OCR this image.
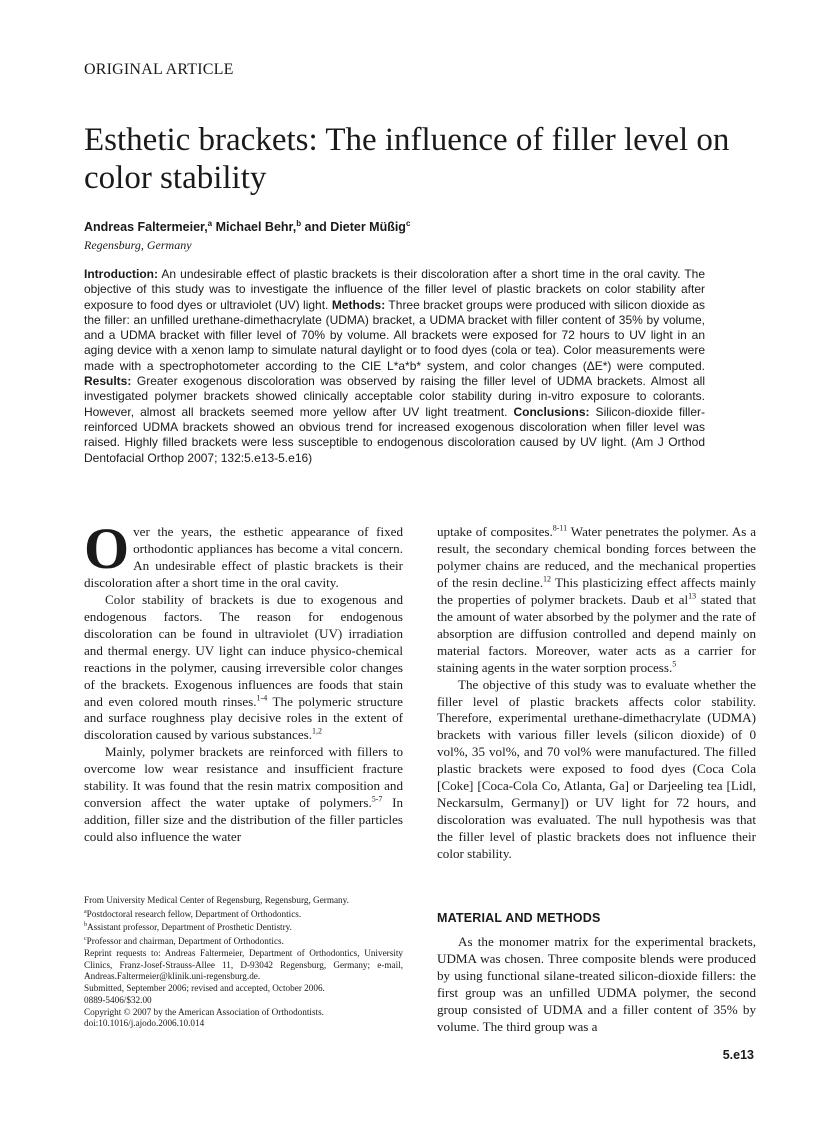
ORIGINAL ARTICLE
Esthetic brackets: The influence of filler level on color stability
Andreas Faltermeier,$^a$ Michael Behr,$^b$ and Dieter Müßig$^c$
Regensburg, Germany
Introduction: An undesirable effect of plastic brackets is their discoloration after a short time in the oral cavity. The objective of this study was to investigate the influence of the filler level of plastic brackets on color stability after exposure to food dyes or ultraviolet (UV) light. Methods: Three bracket groups were produced with silicon dioxide as the filler: an unfilled urethane-dimethacrylate (UDMA) bracket, a UDMA bracket with filler content of 35% by volume, and a UDMA bracket with filler level of 70% by volume. All brackets were exposed for 72 hours to UV light in an aging device with a xenon lamp to simulate natural daylight or to food dyes (cola or tea). Color measurements were made with a spectrophotometer according to the CIE L*a*b* system, and color changes (ΔE*) were computed. Results: Greater exogenous discoloration was observed by raising the filler level of UDMA brackets. Almost all investigated polymer brackets showed clinically acceptable color stability during in-vitro exposure to colorants. However, almost all brackets seemed more yellow after UV light treatment. Conclusions: Silicon-dioxide filler-reinforced UDMA brackets showed an obvious trend for increased exogenous discoloration when filler level was raised. Highly filled brackets were less susceptible to endogenous discoloration caused by UV light. (Am J Orthod Dentofacial Orthop 2007; 132:5.e13-5.e16)

Over the years, the esthetic appearance of fixed orthodontic appliances has become a vital concern. An undesirable effect of plastic brackets is their discoloration after a short time in the oral cavity.

Color stability of brackets is due to exogenous and endogenous factors. The reason for endogenous discoloration can be found in ultraviolet (UV) irradiation and thermal energy. UV light can induce physico-chemical reactions in the polymer, causing irreversible color changes of the brackets. Exogenous influences are foods that stain and even colored mouth rinses.$^{1-4}$ The polymeric structure and surface roughness play decisive roles in the extent of discoloration caused by various substances.$^{1,2}$

Mainly, polymer brackets are reinforced with fillers to overcome low wear resistance and insufficient fracture stability. It was found that the resin matrix composition and conversion affect the water uptake of polymers.$^{5-7}$ In addition, filler size and the distribution of the filler particles could also influence the water

uptake of composites.$^{8-11}$ Water penetrates the polymer. As a result, the secondary chemical bonding forces between the polymer chains are reduced, and the mechanical properties of the resin decline.$^{12}$ This plasticizing effect affects mainly the properties of polymer brackets. Daub et $al^{13}$ stated that the amount of water absorbed by the polymer and the rate of absorption are diffusion controlled and depend mainly on material factors. Moreover, water acts as a carrier for staining agents in the water sorption process.$^5$

The objective of this study was to evaluate whether the filler level of plastic brackets affects color stability. Therefore, experimental urethane-dimethacrylate (UDMA) brackets with various filler levels (silicon dioxide) of 0 vol%, 35 vol%, and 70 vol% were manufactured. The filled plastic brackets were exposed to food dyes (Coca Cola [Coke] [Coca-Cola Co, Atlanta, Ga] or Darjeeling tea [Lidl, Neckarsulm, Germany]) or UV light for 72 hours, and discoloration was evaluated. The null hypothesis was that the filler level of plastic brackets does not influence their color stability.

MATERIAL AND METHODS

As the monomer matrix for the experimental brackets, UDMA was chosen. Three composite blends were produced by using functional silane-treated silicon-dioxide fillers: the first group was an unfilled UDMA polymer, the second group consisted of UDMA and a filler content of 35% by volume. The third group was a

From University Medical Center of Regensburg, Regensburg, Germany.
$^a$Postdoctoral research fellow, Department of Orthodontics.
$^b$Assistant professor, Department of Prosthetic Dentistry.
$^c$Professor and chairman, Department of Orthodontics.
Reprint requests to: Andreas Faltermeier, Department of Orthodontics, University Clinics, Franz-Josef-Strauss-Allee 11, D-93042 Regensburg, Germany; e-mail, Andreas.Faltermeier@klinik.uni-regensburg.de.
Submitted, September 2006; revised and accepted, October 2006.
0889-5406/$32.00
Copyright © 2007 by the American Association of Orthodontists.
doi:10.1016/j.ajodo.2006.10.014
5.e13
